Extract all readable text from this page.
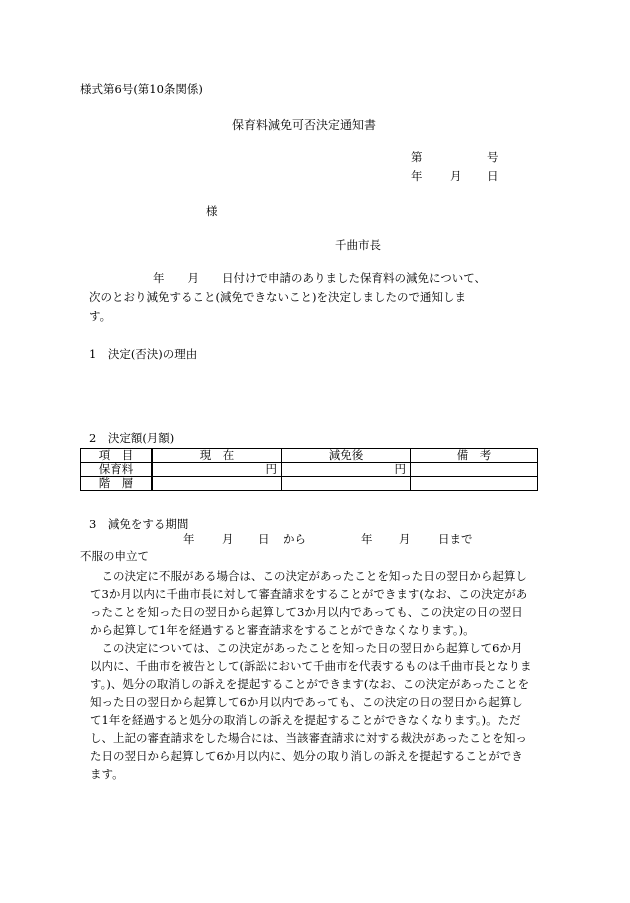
様式第6号(第10条関係)
保育料減免可否決定通知書
第	号
年 月 日
様
千曲市長
年　　月　　日付けで申請のありました保育料の減免について、
次のとおり減免すること(減免できないこと)を決定しましたので通知しま
す。
1　決定(否決)の理由
2　決定額(月額)
項　目	現　在	減免後	備　考
保育料	円	円	
階　層			
3　減免をする期間
年 月 日 から	年 月 日まで
不服の申立て

この決定に不服がある場合は、この決定があったことを知った日の翌日から起算して3か月以内に千曲市長に対して審査請求をすることができます(なお、この決定があったことを知った日の翌日から起算して3か月以内であっても、この決定の日の翌日から起算して1年を経過すると審査請求をすることができなくなります。)。

この決定については、この決定があったことを知った日の翌日から起算して6か月以内に、千曲市を被告として(訴訟において千曲市を代表するものは千曲市長となります。)、処分の取消しの訴えを提起することができます(なお、この決定があったことを知った日の翌日から起算して6か月以内であっても、この決定の日の翌日から起算して1年を経過すると処分の取消しの訴えを提起することができなくなります。)。ただし、上記の審査請求をした場合には、当該審査請求に対する裁決があったことを知った日の翌日から起算して6か月以内に、処分の取り消しの訴えを提起することができます。
